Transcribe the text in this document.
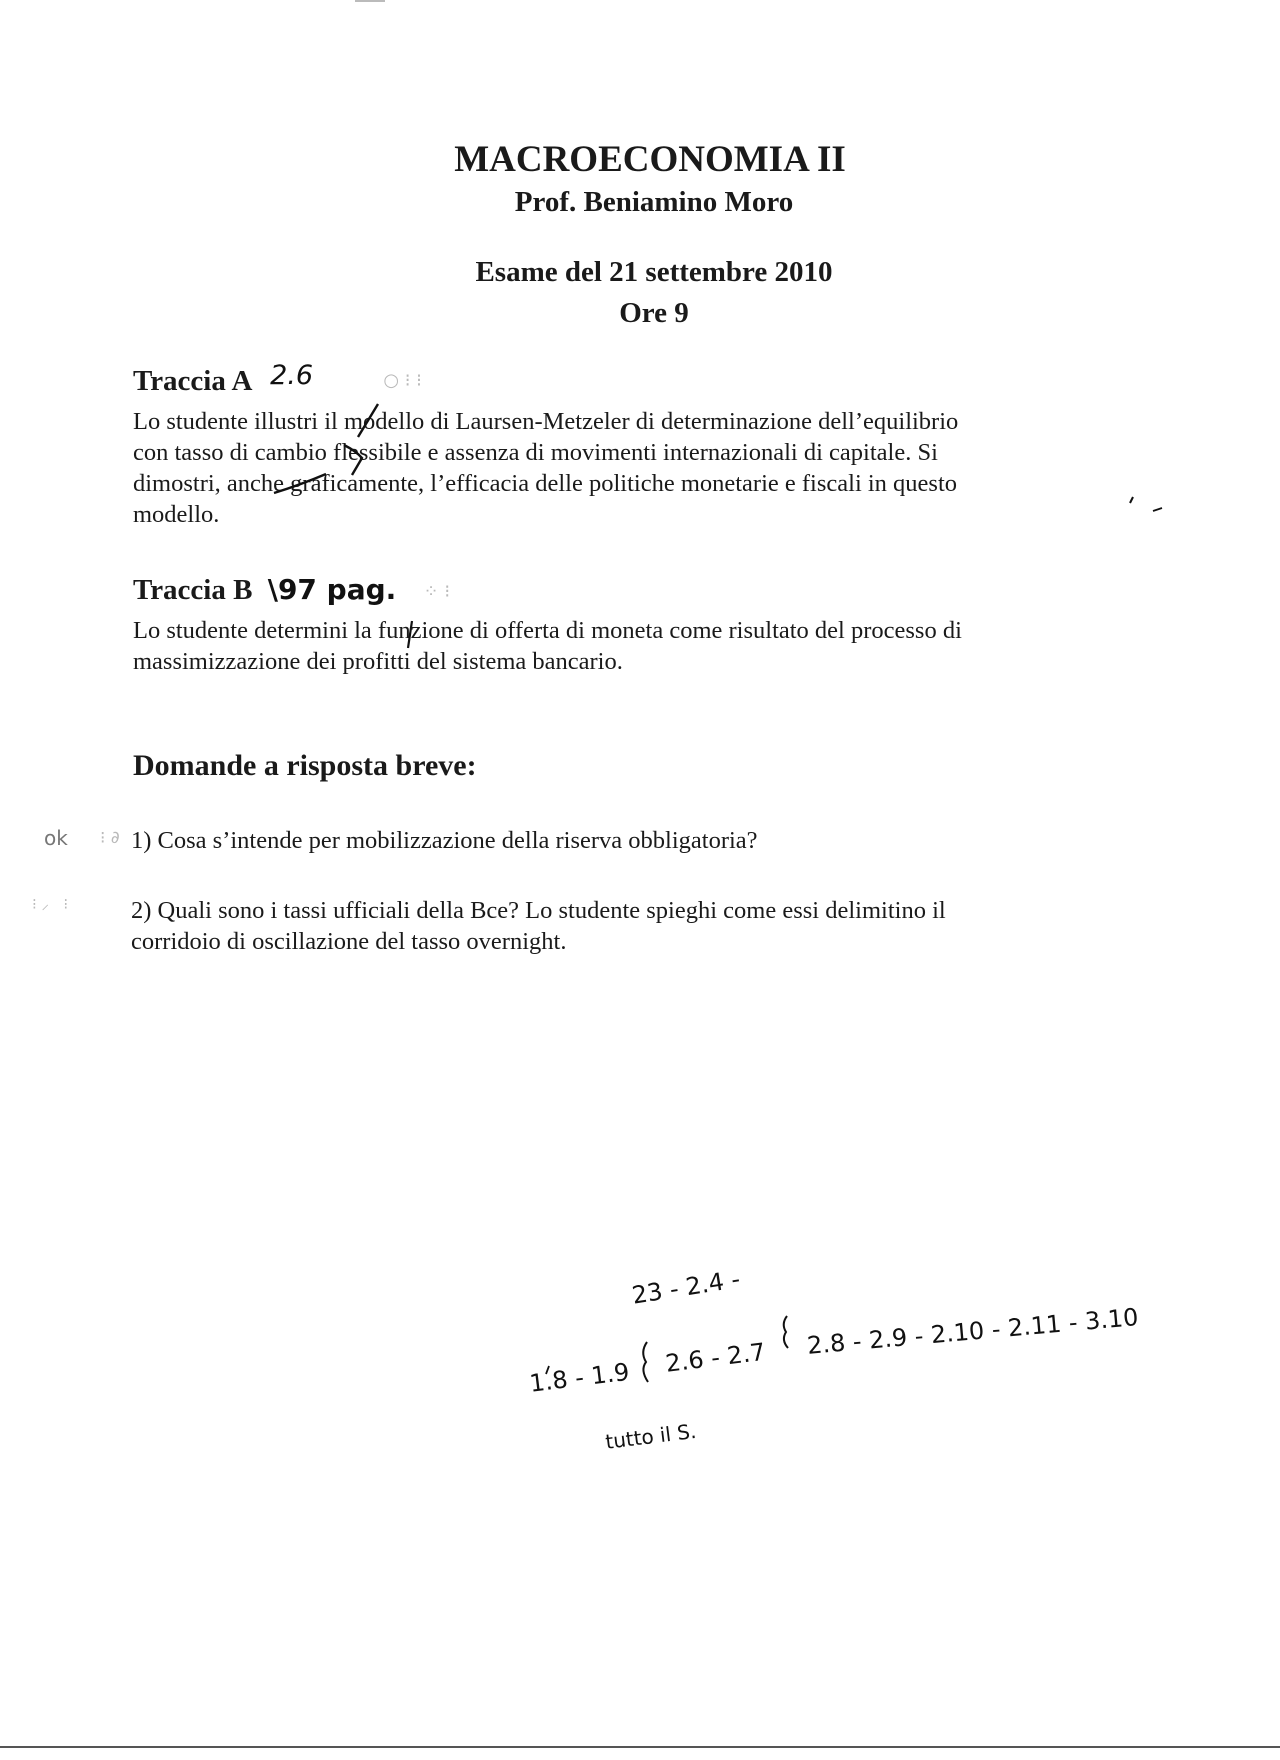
MACROECONOMIA II
Prof. Beniamino Moro
Esame del 21 settembre 2010
Ore 9
Traccia A 2.6	○ ⁝ ⁝
Lo studente illustri il modello di Laursen-Metzeler di determinazione dell’equilibrio
con tasso di cambio flessibile e assenza di movimenti internazionali di capitale. Si
dimostri, anche graficamente, l’efficacia delle politiche monetarie e fiscali in questo
modello.
Traccia B \97 pag. ⁘ ⁝
Lo studente determini la funzione di offerta di moneta come risultato del processo di
massimizzazione dei profitti del sistema bancario.
Domande a risposta breve:
ok ⁝ ∂ 1) Cosa s’intende per mobilizzazione della riserva obbligatoria?
⁝ ⸝   ⁝	2) Quali sono i tassi ufficiali della Bce? Lo studente spieghi come essi delimitino il
corridoio di oscillazione del tasso overnight.
23 - 2.4 -
1.8 - 1.9 2.6 - 2.7 2.8 - 2.9 - 2.10 - 2.11 - 3.10
tutto il S.
